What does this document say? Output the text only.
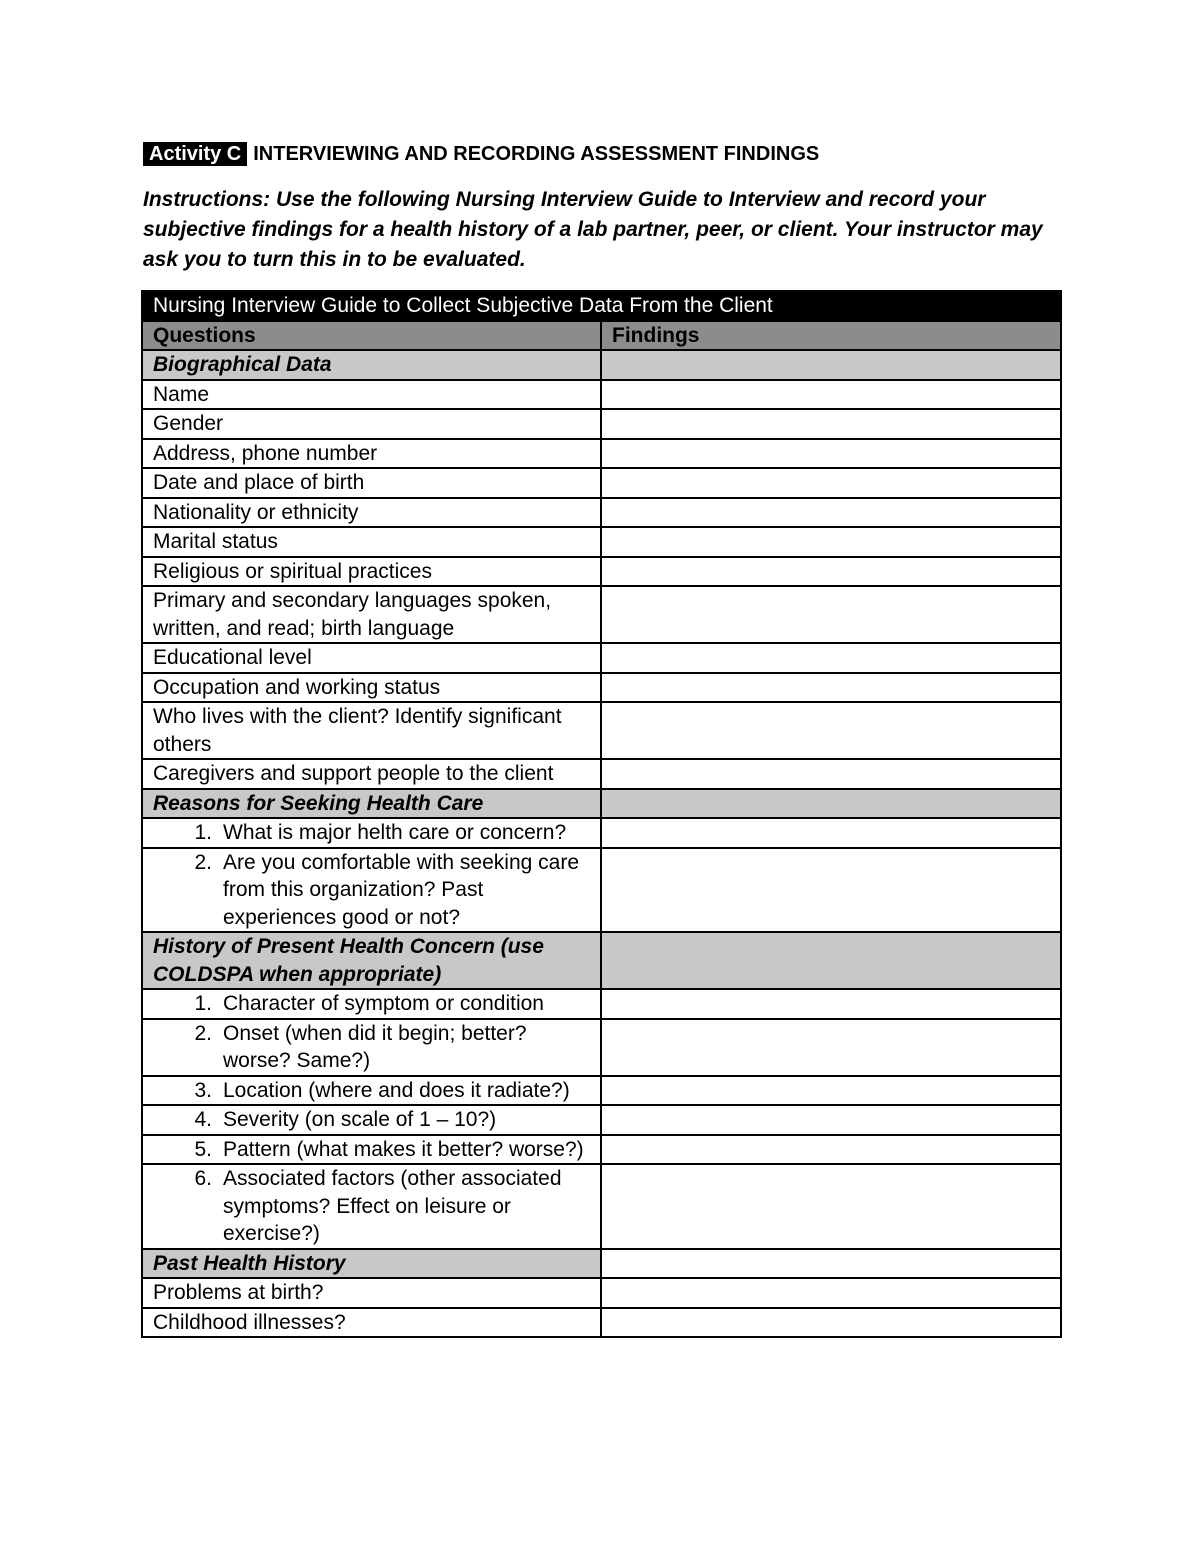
Activity C INTERVIEWING AND RECORDING ASSESSMENT FINDINGS
Instructions: Use the following Nursing Interview Guide to Interview and record your subjective findings for a health history of a lab partner, peer, or client. Your instructor may ask you to turn this in to be evaluated.
Nursing Interview Guide to Collect Subjective Data From the Client	
Questions	Findings
Biographical Data	
Name	
Gender	
Address, phone number	
Date and place of birth	
Nationality or ethnicity	
Marital status	
Religious or spiritual practices	
Primary and secondary languages spoken, written, and read; birth language	
Educational level	
Occupation and working status	
Who lives with the client? Identify significant others	
Caregivers and support people to the client	
Reasons for Seeking Health Care	

1. What is major helth care or concern?	

2. Are you comfortable with seeking care from this organization? Past experiences good or not?	

History of Present Health Concern (use COLDSPA when appropriate)	

1. Character of symptom or condition	

2. Onset (when did it begin; better? worse? Same?)	

3. Location (where and does it radiate?)	

4. Severity (on scale of 1 – 10?)	

5. Pattern (what makes it better? worse?)	

6. Associated factors (other associated symptoms? Effect on leisure or exercise?)	

Past Health History	
Problems at birth?	
Childhood illnesses?	
